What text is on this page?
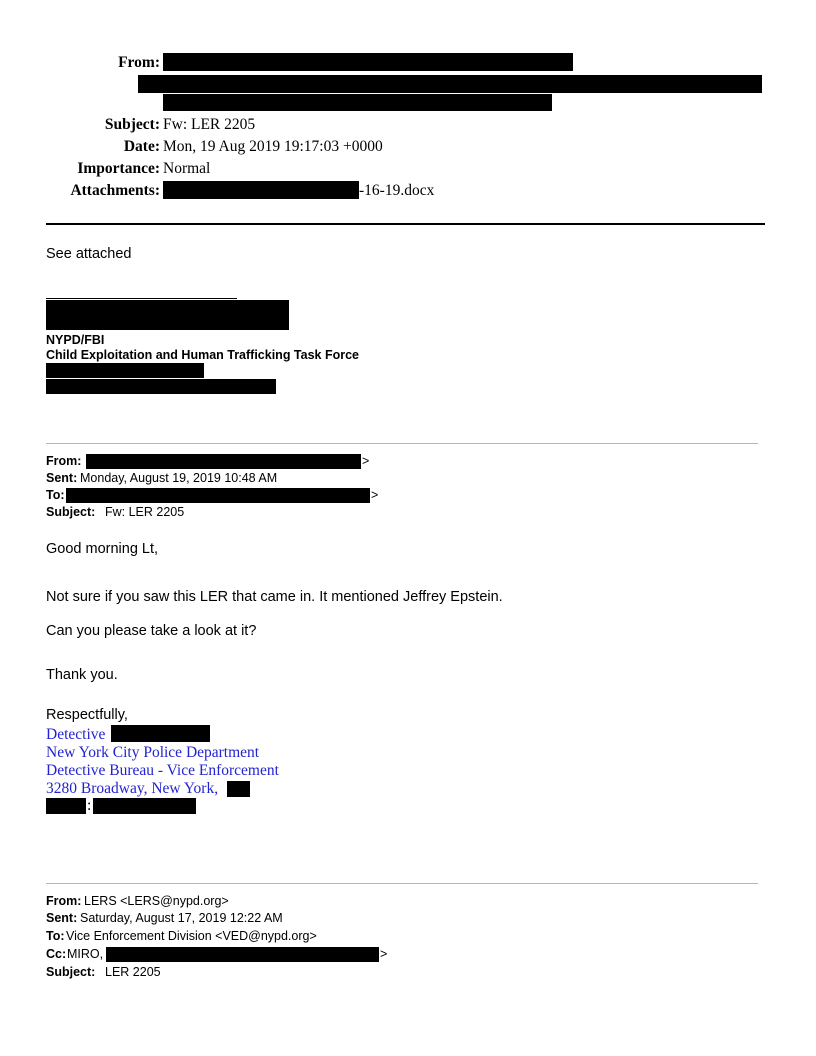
From:
Subject: Fw: LER 2205
Date: Mon, 19 Aug 2019 19:17:03 +0000
Importance: Normal
Attachments:	-16-19.docx
See attached
NYPD/FBI
Child Exploitation and Human Trafficking Task Force
From:	>
Sent: Monday, August 19, 2019 10:48 AM
To:	>
Subject: Fw: LER 2205
Good morning Lt,
Not sure if you saw this LER that came in. It mentioned Jeffrey Epstein.
Can you please take a look at it?
Thank you.
Respectfully,
Detective
New York City Police Department
Detective Bureau - Vice Enforcement
3280 Broadway, New York,
:
From: LERS <LERS@nypd.org>
Sent: Saturday, August 17, 2019 12:22 AM
To: Vice Enforcement Division <VED@nypd.org>
Cc: MIRO,	>
Subject: LER 2205
